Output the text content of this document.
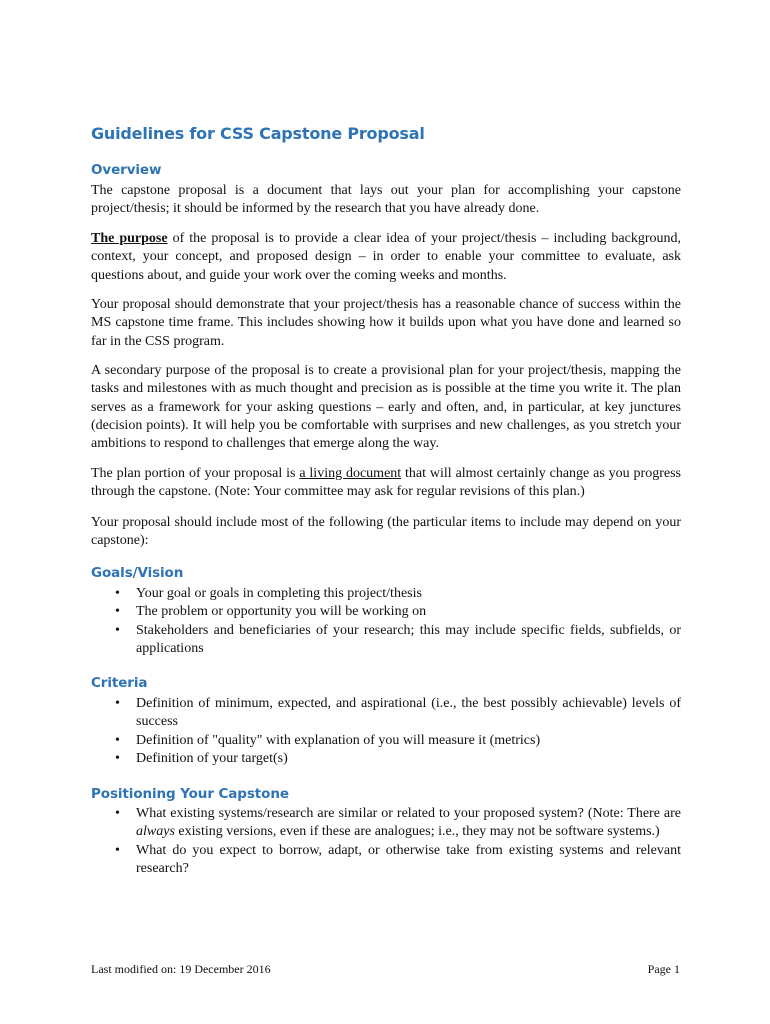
Guidelines for CSS Capstone Proposal
Overview

The capstone proposal is a document that lays out your plan for accomplishing your capstone project/thesis; it should be informed by the research that you have already done.

The purpose of the proposal is to provide a clear idea of your project/thesis – including background, context, your concept, and proposed design – in order to enable your committee to evaluate, ask questions about, and guide your work over the coming weeks and months.

Your proposal should demonstrate that your project/thesis has a reasonable chance of success within the MS capstone time frame. This includes showing how it builds upon what you have done and learned so far in the CSS program.

A secondary purpose of the proposal is to create a provisional plan for your project/thesis, mapping the tasks and milestones with as much thought and precision as is possible at the time you write it. The plan serves as a framework for your asking questions – early and often, and, in particular, at key junctures (decision points). It will help you be comfortable with surprises and new challenges, as you stretch your ambitions to respond to challenges that emerge along the way.

The plan portion of your proposal is a living document that will almost certainly change as you progress through the capstone. (Note: Your committee may ask for regular revisions of this plan.)

Your proposal should include most of the following (the particular items to include may depend on your capstone):

Goals/Vision
• Your goal or goals in completing this project/thesis
• The problem or opportunity you will be working on
• Stakeholders and beneficiaries of your research; this may include specific fields, subfields, or applications
Criteria
• Definition of minimum, expected, and aspirational (i.e., the best possibly achievable) levels of success
• Definition of "quality" with explanation of you will measure it (metrics)
• Definition of your target(s)
Positioning Your Capstone
• What existing systems/research are similar or related to your proposed system? (Note: There are always existing versions, even if these are analogues; i.e., they may not be software systems.)
• What do you expect to borrow, adapt, or otherwise take from existing systems and relevant research?
Last modified on: 19 December 2016	Page 1
